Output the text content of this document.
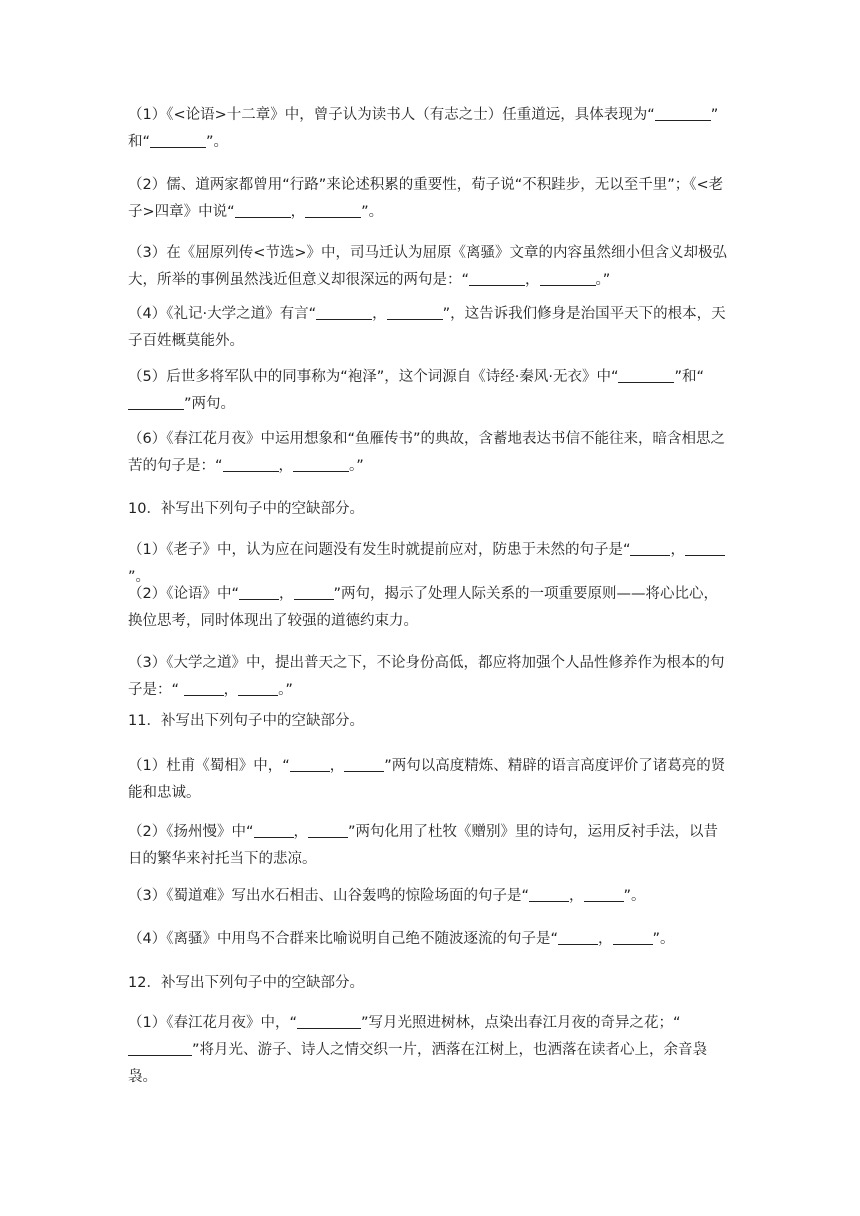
（1）《<论语>十二章》中，曾子认为读书人（有志之士）任重道远，具体表现为“	”
和“	”。

（2）儒、道两家都曾用“行路”来论述积累的重要性，荀子说“不积跬步，无以至千里”；《<老子>四章》中说“	，	”。

（3）在《屈原列传<节选>》中，司马迁认为屈原《离骚》文章的内容虽然细小但含义却极弘大，所举的事例虽然浅近但意义却很深远的两句是：“	，	。”

（4）《礼记·大学之道》有言“	，	”，这告诉我们修身是治国平天下的根本，天子百姓概莫能外。

（5）后世多将军队中的同事称为“袍泽”，这个词源自《诗经·秦风·无衣》中“	”和“”两句。

（6）《春江花月夜》中运用想象和“鱼雁传书”的典故，含蓄地表达书信不能往来，暗含相思之苦的句子是：“	，	。”

10．补写出下列句子中的空缺部分。

（1）《老子》中，认为应在问题没有发生时就提前应对，防患于未然的句子是“	，”。

（2）《论语》中“	，	”两句，揭示了处理人际关系的一项重要原则——将心比心，换位思考，同时体现出了较强的道德约束力。

（3）《大学之道》中，提出普天之下，不论身份高低，都应将加强个人品性修养作为根本的句子是：“	，	。”

11．补写出下列句子中的空缺部分。

（1）杜甫《蜀相》中，“	，	”两句以高度精炼、精辟的语言高度评价了诸葛亮的贤能和忠诚。

（2）《扬州慢》中“	，	”两句化用了杜牧《赠别》里的诗句，运用反衬手法，以昔日的繁华来衬托当下的悲凉。

（3）《蜀道难》写出水石相击、山谷轰鸣的惊险场面的句子是“	，	”。

（4）《离骚》中用鸟不合群来比喻说明自己绝不随波逐流的句子是“	，	”。

12．补写出下列句子中的空缺部分。

（1）《春江花月夜》中，“	”写月光照进树林，点染出春江月夜的奇异之花；“”将月光、游子、诗人之情交织一片，洒落在江树上，也洒落在读者心上，余音袅袅。
